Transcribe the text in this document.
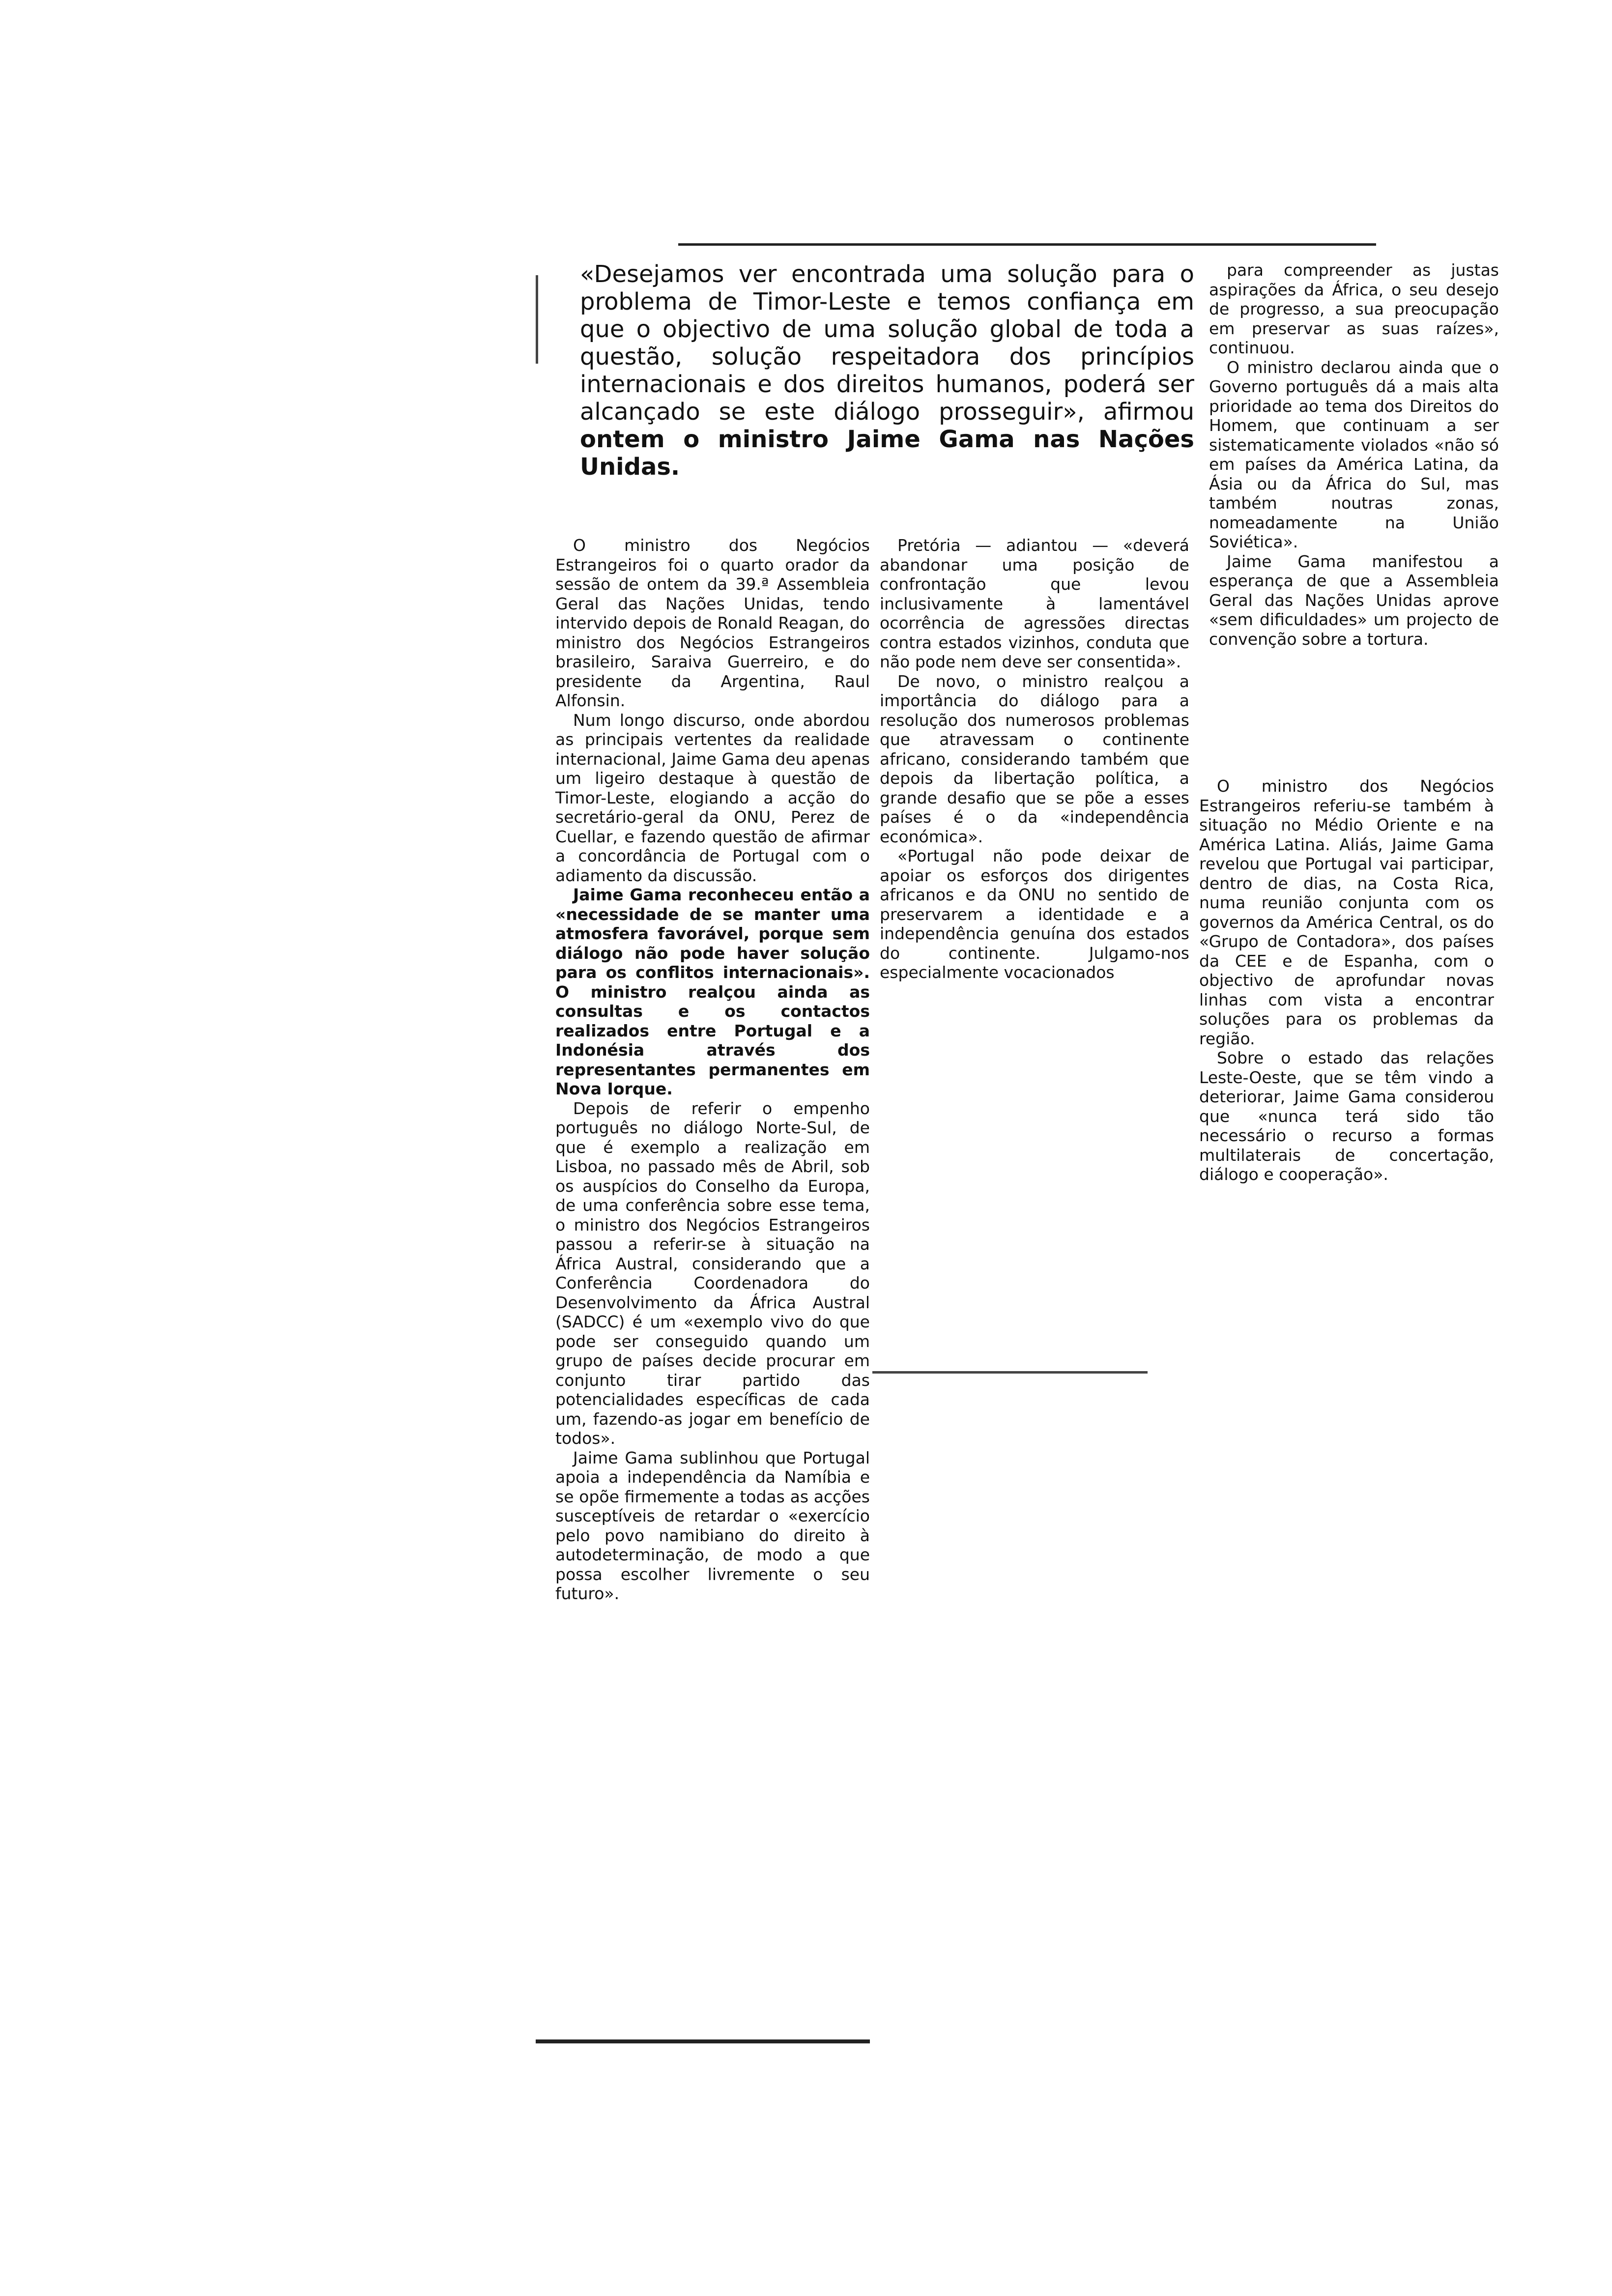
«Desejamos ver encontrada uma solução para o problema de Timor-Leste e temos confiança em que o objectivo de uma solução global de toda a questão, solução respeitadora dos princípios internacionais e dos direitos humanos, poderá ser alcançado se este diálogo prosseguir», afirmou ontem o ministro Jaime Gama nas Nações Unidas.

O ministro dos Negócios Estrangeiros foi o quarto orador da sessão de ontem da 39.ª Assembleia Geral das Nações Unidas, tendo intervido depois de Ronald Reagan, do ministro dos Negócios Estrangeiros brasileiro, Saraiva Guerreiro, e do presidente da Argentina, Raul Alfonsin.

Num longo discurso, onde abordou as principais vertentes da realidade internacional, Jaime Gama deu apenas um ligeiro destaque à questão de Timor-Leste, elogiando a acção do secretário-geral da ONU, Perez de Cuellar, e fazendo questão de afirmar a concordância de Portugal com o adiamento da discussão.

Jaime Gama reconheceu então a «necessidade de se manter uma atmosfera favorável, porque sem diálogo não pode haver solução para os conflitos internacionais». O ministro realçou ainda as consultas e os contactos realizados entre Portugal e a Indonésia através dos representantes permanentes em Nova Iorque.

Depois de referir o empenho português no diálogo Norte-Sul, de que é exemplo a realização em Lisboa, no passado mês de Abril, sob os auspícios do Conselho da Europa, de uma conferência sobre esse tema, o ministro dos Negócios Estrangeiros passou a referir-se à situação na África Austral, considerando que a Conferência Coordenadora do Desenvolvimento da África Austral (SADCC) é um «exemplo vivo do que pode ser conseguido quando um grupo de países decide procurar em conjunto tirar partido das potencialidades específicas de cada um, fazendo-as jogar em benefício de todos».

Jaime Gama sublinhou que Portugal apoia a independência da Namíbia e se opõe firmemente a todas as acções susceptíveis de retardar o «exercício pelo povo namibiano do direito à autodeterminação, de modo a que possa escolher livremente o seu futuro».

Pretória — adiantou — «deverá abandonar uma posição de confrontação que levou inclusivamente à lamentável ocorrência de agressões directas contra estados vizinhos, conduta que não pode nem deve ser consentida».

De novo, o ministro realçou a importância do diálogo para a resolução dos numerosos problemas que atravessam o continente africano, considerando também que depois da libertação política, a grande desafio que se põe a esses países é o da «independência económica».

«Portugal não pode deixar de apoiar os esforços dos dirigentes africanos e da ONU no sentido de preservarem a identidade e a independência genuína dos estados do continente. Julgamo-nos especialmente vocacionados

para compreender as justas aspirações da África, o seu desejo de progresso, a sua preocupação em preservar as suas raízes», continuou.

O ministro declarou ainda que o Governo português dá a mais alta prioridade ao tema dos Direitos do Homem, que continuam a ser sistematicamente violados «não só em países da América Latina, da Ásia ou da África do Sul, mas também noutras zonas, nomeadamente na União Soviética».

Jaime Gama manifestou a esperança de que a Assembleia Geral das Nações Unidas aprove «sem dificuldades» um projecto de convenção sobre a tortura.

O ministro dos Negócios Estrangeiros referiu-se também à situação no Médio Oriente e na América Latina. Aliás, Jaime Gama revelou que Portugal vai participar, dentro de dias, na Costa Rica, numa reunião conjunta com os governos da América Central, os do «Grupo de Contadora», dos países da CEE e de Espanha, com o objectivo de aprofundar novas linhas com vista a encontrar soluções para os problemas da região.

Sobre o estado das relações Leste-Oeste, que se têm vindo a deteriorar, Jaime Gama considerou que «nunca terá sido tão necessário o recurso a formas multilaterais de concertação, diálogo e cooperação».
